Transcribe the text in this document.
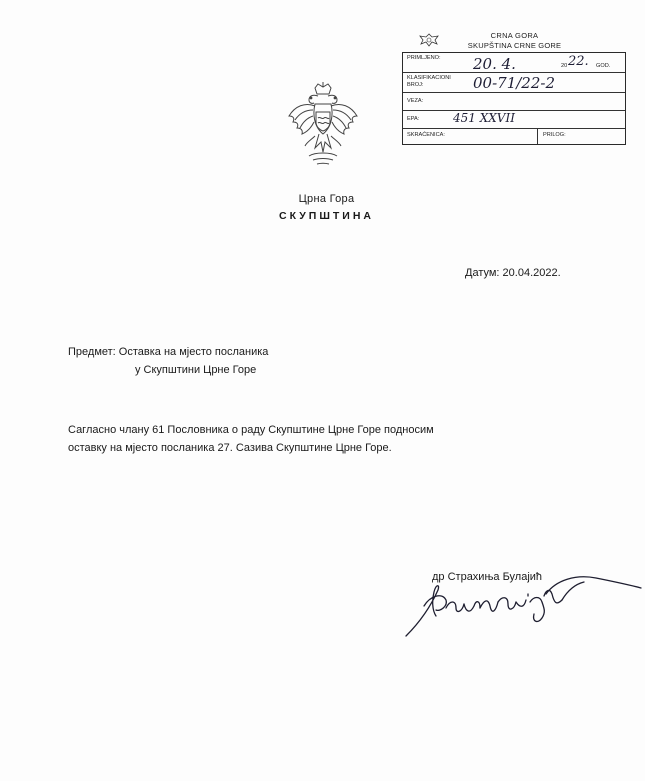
CRNA GORA
SKUPŠTINA CRNE GORE
PRIMLJENO: 20. 4.	20 22. GOD.
KLASIFIKACIONI
BROJ:	00-71/22-2
VEZA:
EPA:	451 XXVII
SKRAĆENICA:	PRILOG:
Црна Гора
СКУПШТИНА
Датум: 20.04.2022.
Предмет: Оставка на мјесто посланика
у Скупштини Црне Горе
Сагласно члану 61 Пословника о раду Скупштине Црне Горе подносим
оставку на мјесто посланика 27. Сазива Скупштине Црне Горе.
др Страхиња Булајић
